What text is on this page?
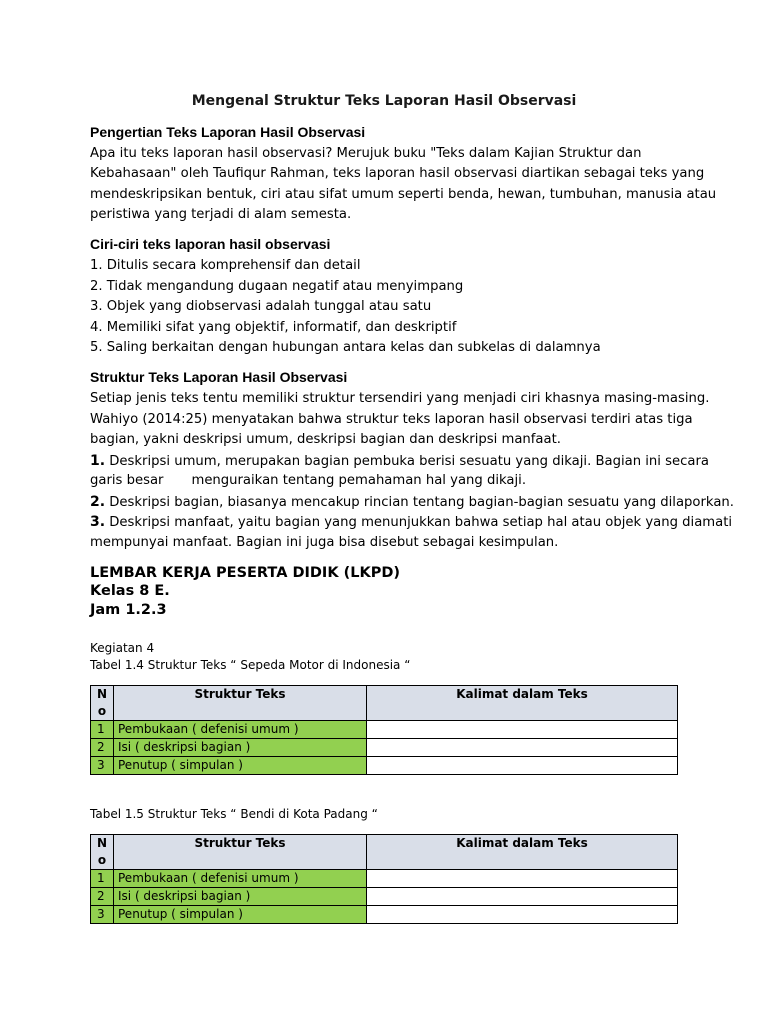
Mengenal Struktur Teks Laporan Hasil Observasi
Pengertian Teks Laporan Hasil Observasi
Apa itu teks laporan hasil observasi? Merujuk buku "Teks dalam Kajian Struktur dan
Kebahasaan" oleh Taufiqur Rahman, teks laporan hasil observasi diartikan sebagai teks yang
mendeskripsikan bentuk, ciri atau sifat umum seperti benda, hewan, tumbuhan, manusia atau
peristiwa yang terjadi di alam semesta.
Ciri-ciri teks laporan hasil observasi
1. Ditulis secara komprehensif dan detail
2. Tidak mengandung dugaan negatif atau menyimpang
3. Objek yang diobservasi adalah tunggal atau satu
4. Memiliki sifat yang objektif, informatif, dan deskriptif
5. Saling berkaitan dengan hubungan antara kelas dan subkelas di dalamnya
Struktur Teks Laporan Hasil Observasi
Setiap jenis teks tentu memiliki struktur tersendiri yang menjadi ciri khasnya masing-masing.
Wahiyo (2014:25) menyatakan bahwa struktur teks laporan hasil observasi terdiri atas tiga
bagian, yakni deskripsi umum, deskripsi bagian dan deskripsi manfaat.
1. Deskripsi umum, merupakan bagian pembuka berisi sesuatu yang dikaji. Bagian ini secara
garis besar menguraikan tentang pemahaman hal yang dikaji.
2. Deskripsi bagian, biasanya mencakup rincian tentang bagian-bagian sesuatu yang dilaporkan.
3. Deskripsi manfaat, yaitu bagian yang menunjukkan bahwa setiap hal atau objek yang diamati
mempunyai manfaat. Bagian ini juga bisa disebut sebagai kesimpulan.
LEMBAR KERJA PESERTA DIDIK (LKPD)
Kelas 8 E.
Jam 1.2.3
Kegiatan 4
Tabel 1.4 Struktur Teks “ Sepeda Motor di Indonesia “
N
o	Struktur Teks	Kalimat dalam Teks
1	Pembukaan ( defenisi umum )	
2	Isi ( deskripsi bagian )	
3	Penutup ( simpulan )	
Tabel 1.5 Struktur Teks “ Bendi di Kota Padang “
N
o	Struktur Teks	Kalimat dalam Teks
1	Pembukaan ( defenisi umum )	
2	Isi ( deskripsi bagian )	
3	Penutup ( simpulan )	
